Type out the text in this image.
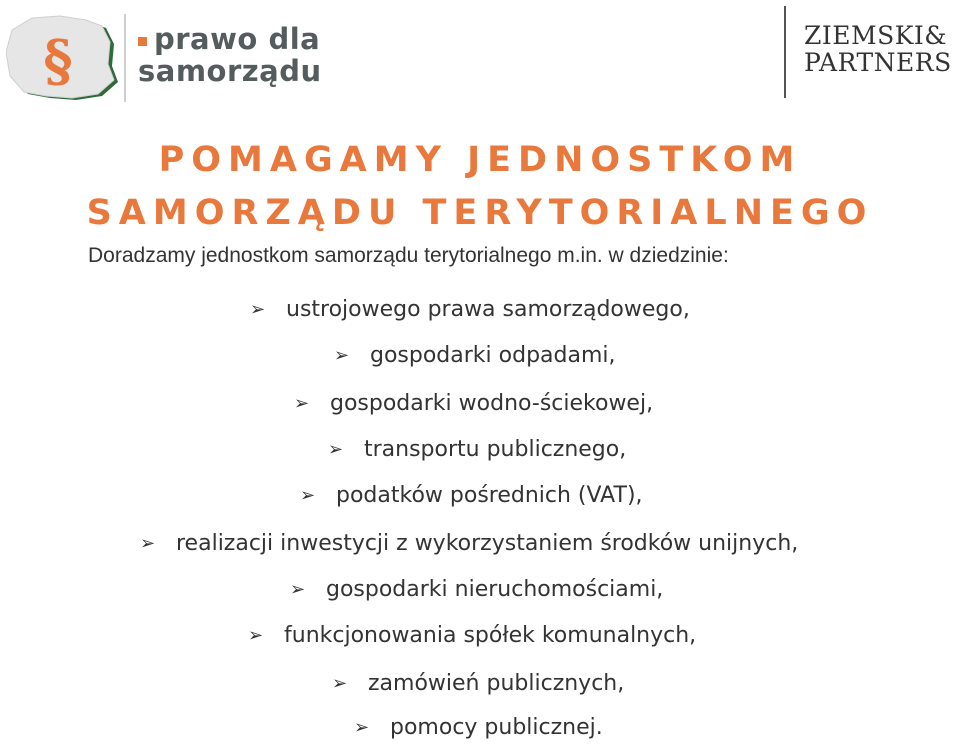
§	prawo dla
samorządu
ZIEMSKI&
PARTNERS
POMAGAMY JEDNOSTKOM
SAMORZĄDU TERYTORIALNEGO
Doradzamy jednostkom samorządu terytorialnego m.in. w dziedzinie:
➢ ustrojowego prawa samorządowego,
➢ gospodarki odpadami,
➢ gospodarki wodno-ściekowej,
➢ transportu publicznego,
➢ podatków pośrednich (VAT),
➢ realizacji inwestycji z wykorzystaniem środków unijnych,
➢ gospodarki nieruchomościami,
➢ funkcjonowania spółek komunalnych,
➢ zamówień publicznych,
➢ pomocy publicznej.
